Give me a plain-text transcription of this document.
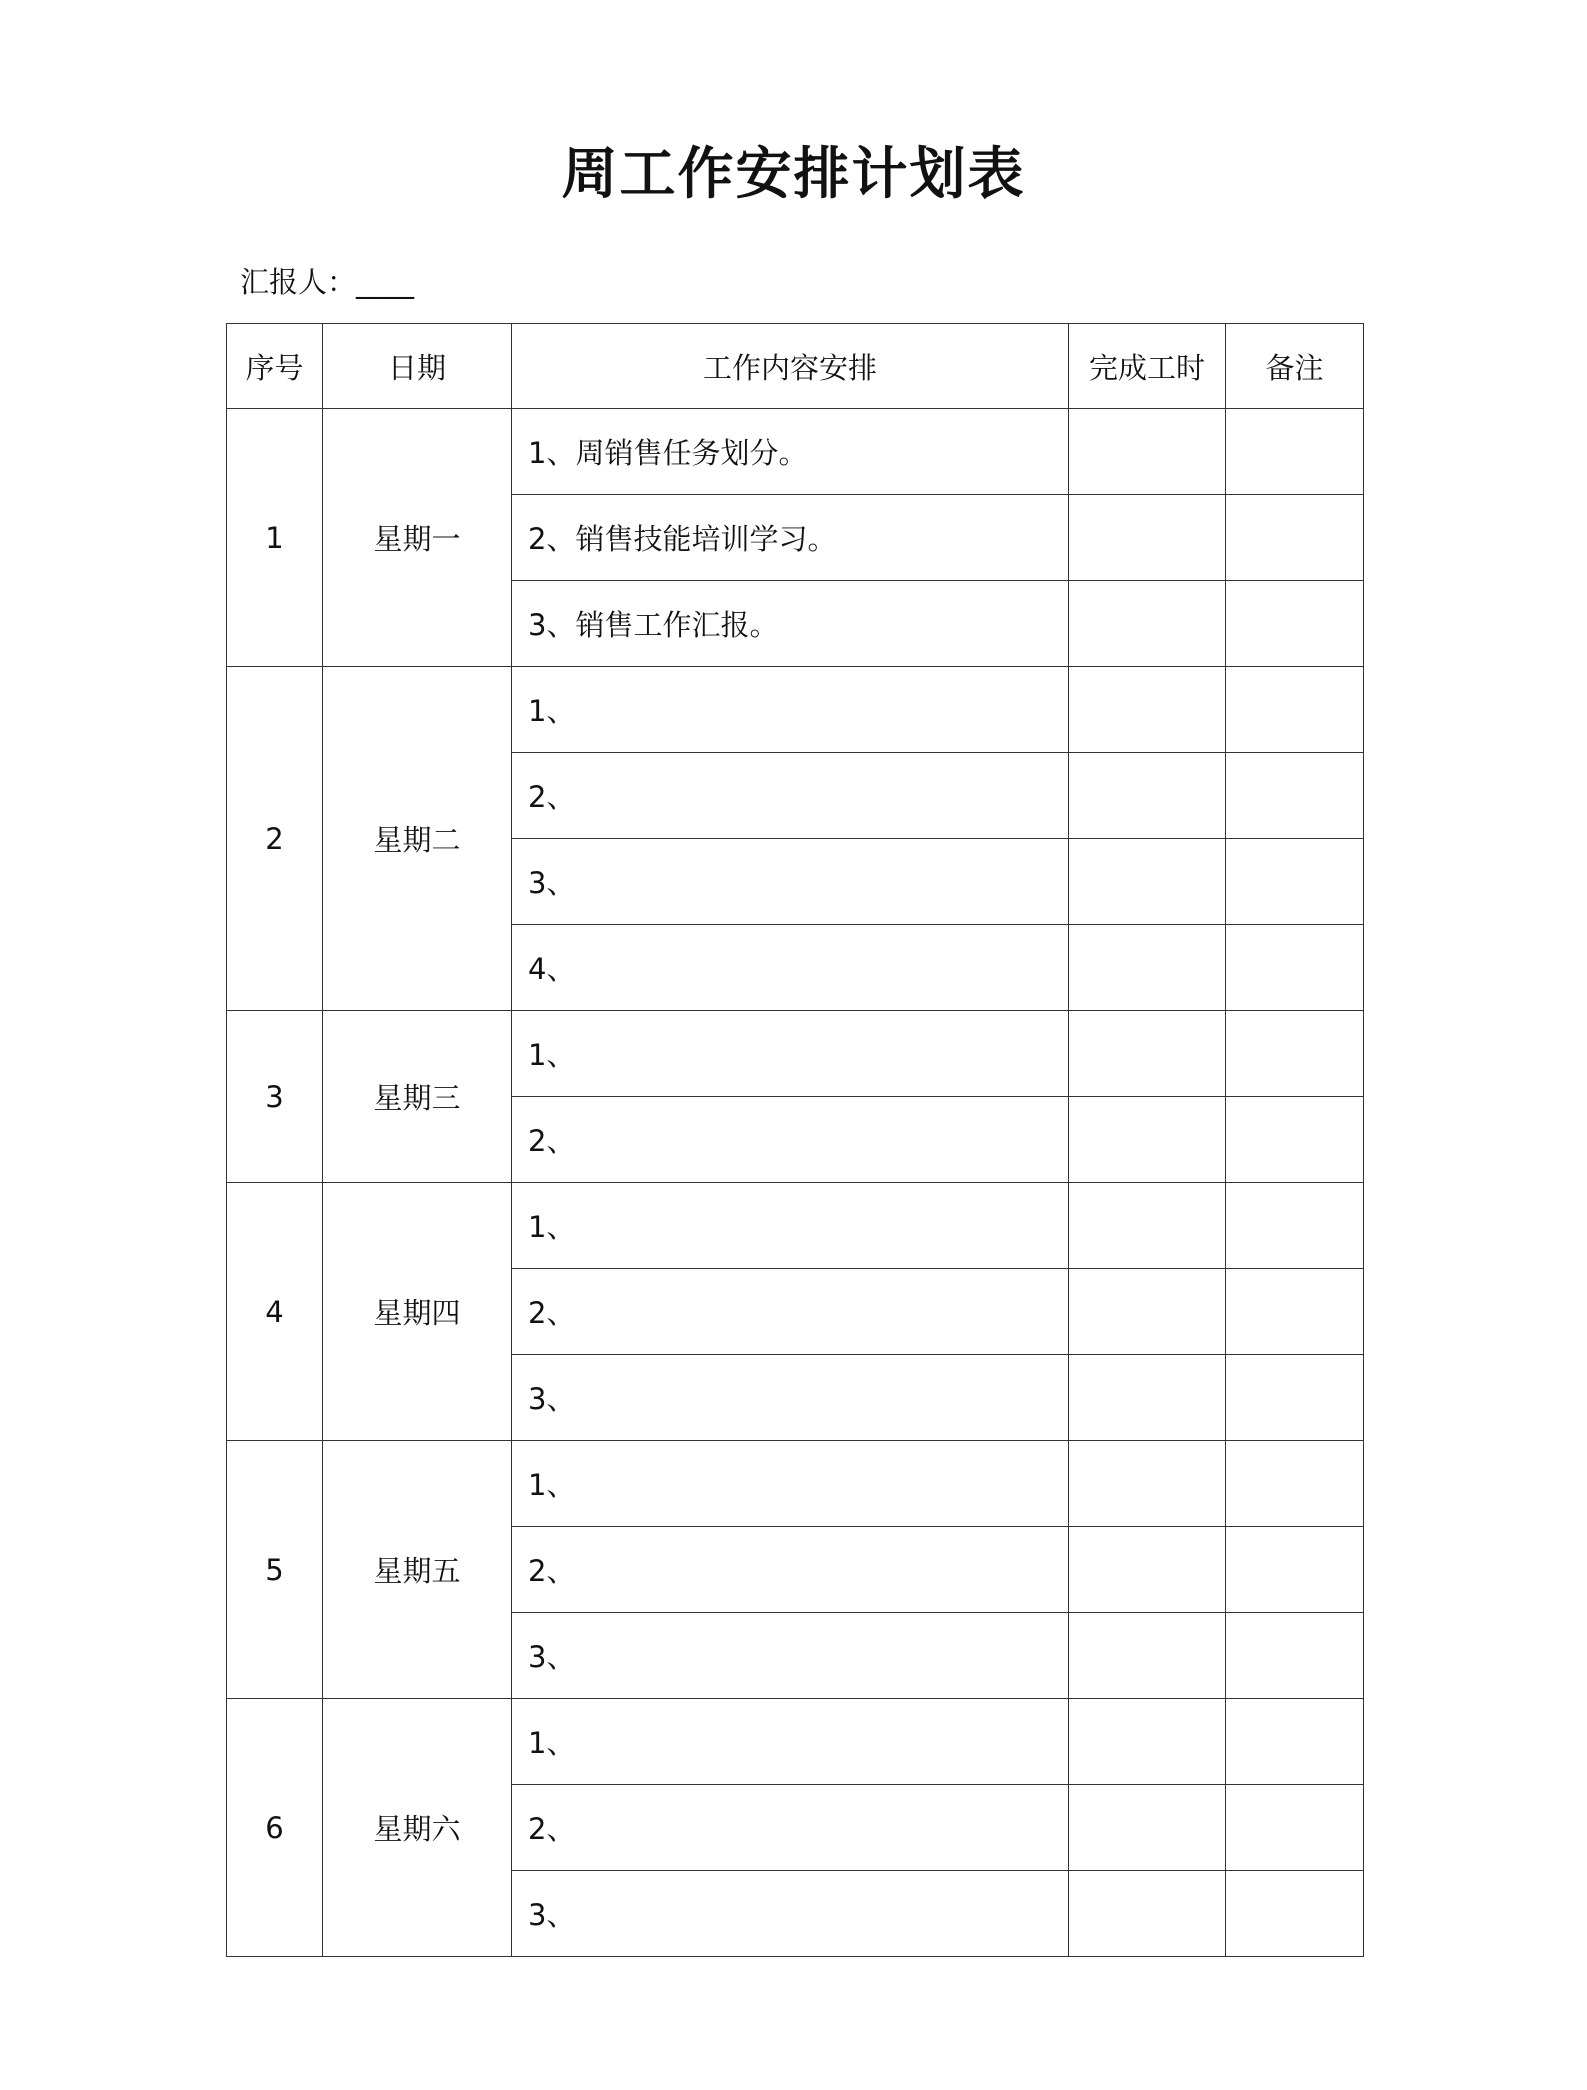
周工作安排计划表
汇报人：____
序号	日期	工作内容安排	完成工时	备注
1	星期一	1、周销售任务划分。		
		2、销售技能培训学习。		
		3、销售工作汇报。		
2	星期二	1、		
		2、		
		3、		
		4、		
3	星期三	1、		
		2、		
4	星期四	1、		
		2、		
		3、		
5	星期五	1、		
		2、		
		3、		
6	星期六	1、		
		2、		
		3、		
